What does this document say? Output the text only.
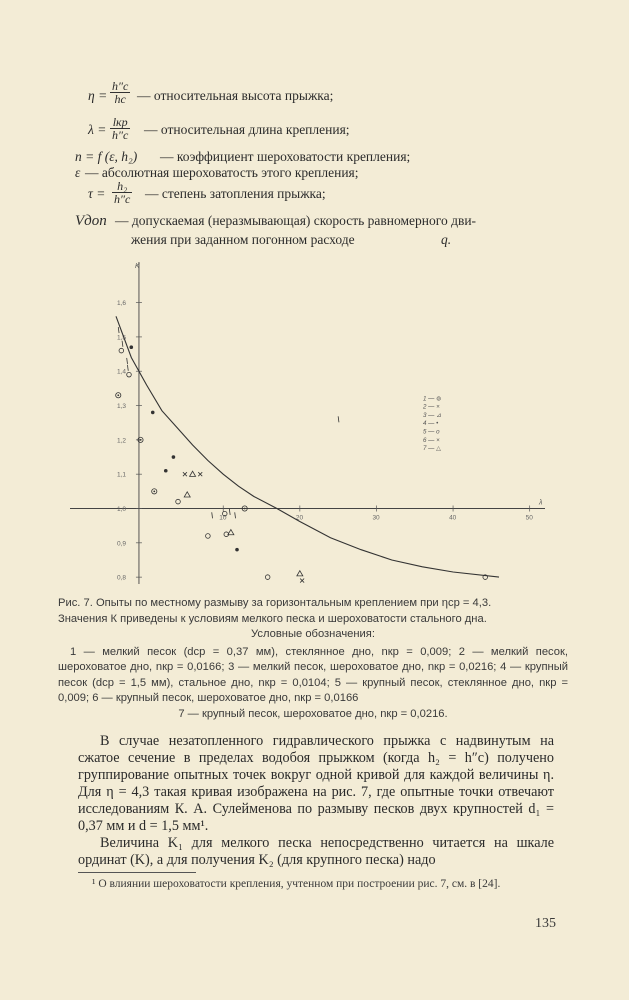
$\eta = \frac{h''c}{hc}$ — относительная высота прыжка;
λ = lкр
h″c — относительная длина крепления;
n = f (ε, h₂) — коэффициент шероховатости крепления;
ε — абсолютная шероховатость этого крепления;
$\tau = \frac{\text{h₂}}{h''c}$ — степень затопления прыжка;
Vдоп — допускаемая (неразмывающая) скорость равномерного дви-
жения при заданном погонном расходе	q.
K
λ
1,6
1,5
1,4
1,3
1,2
1,1
1,0
0,9
0,8
10	20	30	40	50
1 — ⊚
2 — ×
3 — ⊿
4 — •
5 — o
6 — ×
7 — △

Рис. 7. Опыты по местному размыву за горизонтальным креплением при ηср = 4,3.

Значения К приведены к условиям мелкого песка и шероховатости стального дна.

Условные обозначения:

1 — мелкий песок (dср = 0,37 мм), стеклянное дно, nкр = 0,009; 2 — мелкий песок, шероховатое дно, nкр = 0,0166; 3 — мелкий песок, шероховатое дно, nкр = 0,0216; 4 — крупный песок (dср = 1,5 мм), стальное дно, nкр = 0,0104; 5 — крупный песок, стеклянное дно, nкр = 0,009; 6 — крупный песок, шероховатое дно, nкр = 0,0166

7 — крупный песок, шероховатое дно, nкр = 0,0216.

В случае незатопленного гидравлического прыжка с надвинутым на сжатое сечение в пределах водобоя прыжком (когда h₂ = h″c) получено группирование опытных точек вокруг одной кривой для каждой величины η. Для η = 4,3 такая кривая изображена на рис. 7, где опытные точки отвечают исследованиям К. А. Сулейменова по размыву песков двух крупностей d₁ = 0,37 мм и d = 1,5 мм¹.

Величина K₁ для мелкого песка непосредственно читается на шкале ординат (K), а для получения K₂ (для крупного песка) надо

¹ О влиянии шероховатости крепления, учтенном при построении рис. 7, см. в [24].
135
